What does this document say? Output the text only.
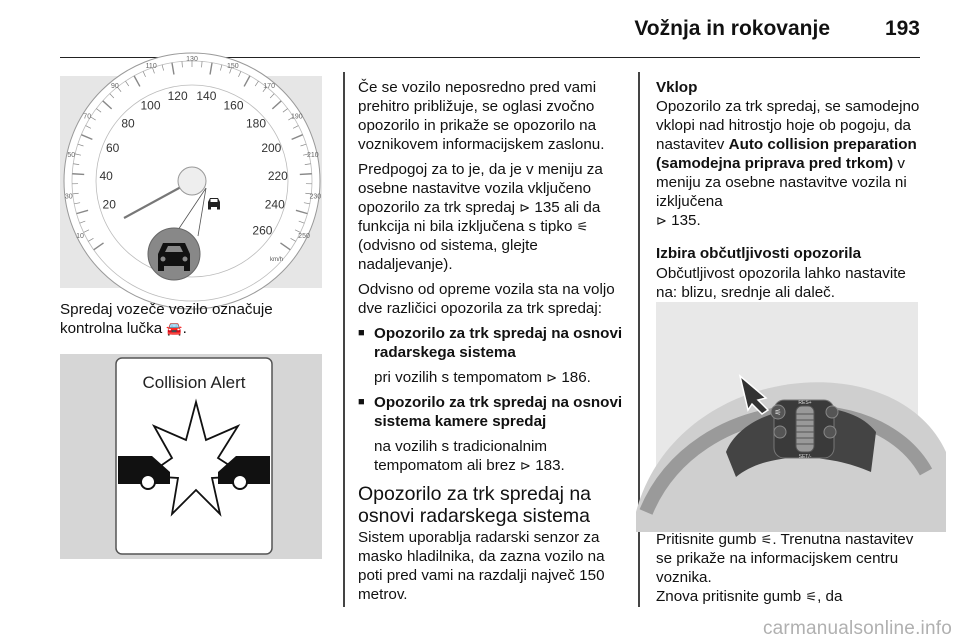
Vožnja in rokovanje	193
10
30
50
70
90
110
130
150
170
190
210
230
250
20
40
60
80
100
120 140
160
180
200
220
240
260
km/h

Spredaj vozeče vozilo označuje kontrolna lučka 🚘.

Collision Alert

Če se vozilo neposredno pred vami prehitro približuje, se oglasi zvočno opozorilo in prikaže se opozorilo na voznikovem informacijskem zaslonu.

Predpogoj za to je, da je v meniju za osebne nastavitve vozila vključeno opozorilo za trk spredaj ⊳ 135 ali da funkcija ni bila izključena s tipko ⚟ (odvisno od sistema, glejte nadaljevanje).

Odvisno od opreme vozila sta na voljo dve različici opozorila za trk spredaj:

■ Opozorilo za trk spredaj na osnovi radarskega sistema

pri vozilih s tempomatom ⊳ 186.

■ Opozorilo za trk spredaj na osnovi sistema kamere spredaj

na vozilih s tradicionalnim tempomatom ali brez ⊳ 183.

Opozorilo za trk spredaj na osnovi radarskega sistema

Sistem uporablja radarski senzor za masko hladilnika, da zazna vozilo na poti pred vami na razdalji največ 150 metrov.

Vklop

Opozorilo za trk spredaj, se samodejno vklopi nad hitrostjo hoje ob pogoju, da nastavitev Auto collision preparation (samodejna priprava pred trkom) v meniju za osebne nastavitve vozila ni izključena
⊳ 135.

Izbira občutljivosti opozorila

Občutljivost opozorila lahko nastavite na: blizu, srednje ali daleč.

RES+
SET/-
⚟

Pritisnite gumb ⚟. Trenutna nastavitev se prikaže na informacijskem centru voznika.
Znova pritisnite gumb ⚟, da

carmanualsonline.info
